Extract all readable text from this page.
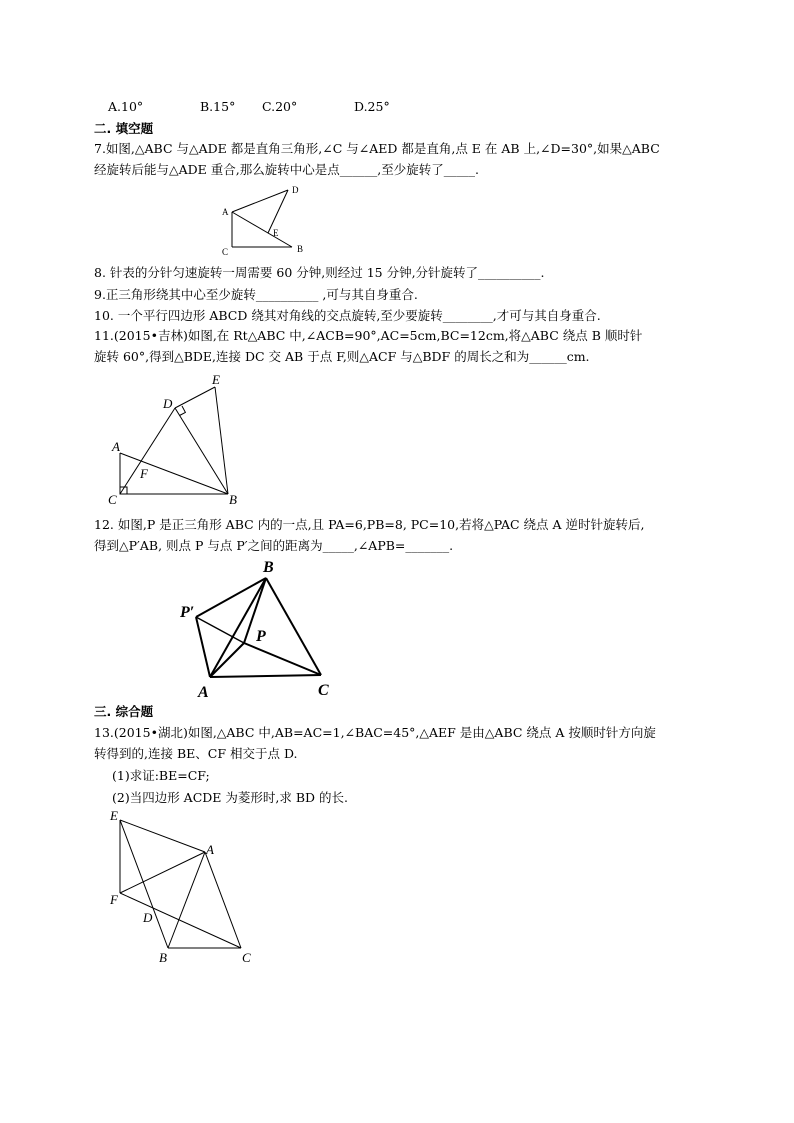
A.10°	B.15° C.20°	D.25°
二. 填空题
7.如图,△ABC 与△ADE 都是直角三角形,∠C 与∠AED 都是直角,点 E 在 AB 上,∠D=30°,如果△ABC
经旋转后能与△ADE 重合,那么旋转中心是点______,至少旋转了_____.
D
A
E
C	B
8. 针表的分针匀速旋转一周需要 60 分钟,则经过 15 分钟,分针旋转了__________.
9.正三角形绕其中心至少旋转__________ ,可与其自身重合.
10. 一个平行四边形 ABCD 绕其对角线的交点旋转,至少要旋转________,才可与其自身重合.
11.(2015•吉林)如图,在 Rt△ABC 中,∠ACB=90°,AC=5cm,BC=12cm,将△ABC 绕点 B 顺时针
旋转 60°,得到△BDE,连接 DC 交 AB 于点 F,则△ACF 与△BDF 的周长之和为______cm.
E
D
A
F
C	B
12. 如图,P 是正三角形 ABC 内的一点,且 PA=6,PB=8, PC=10,若将△PAC 绕点 A 逆时针旋转后,
得到△P′AB, 则点 P 与点 P′之间的距离为_____,∠APB=_______.
B
P′
P
A	C
三. 综合题
13.(2015•湖北)如图,△ABC 中,AB=AC=1,∠BAC=45°,△AEF 是由△ABC 绕点 A 按顺时针方向旋
转得到的,连接 BE、CF 相交于点 D.
(1)求证:BE=CF;
(2)当四边形 ACDE 为菱形时,求 BD 的长.
E
A
F
D
B	C
